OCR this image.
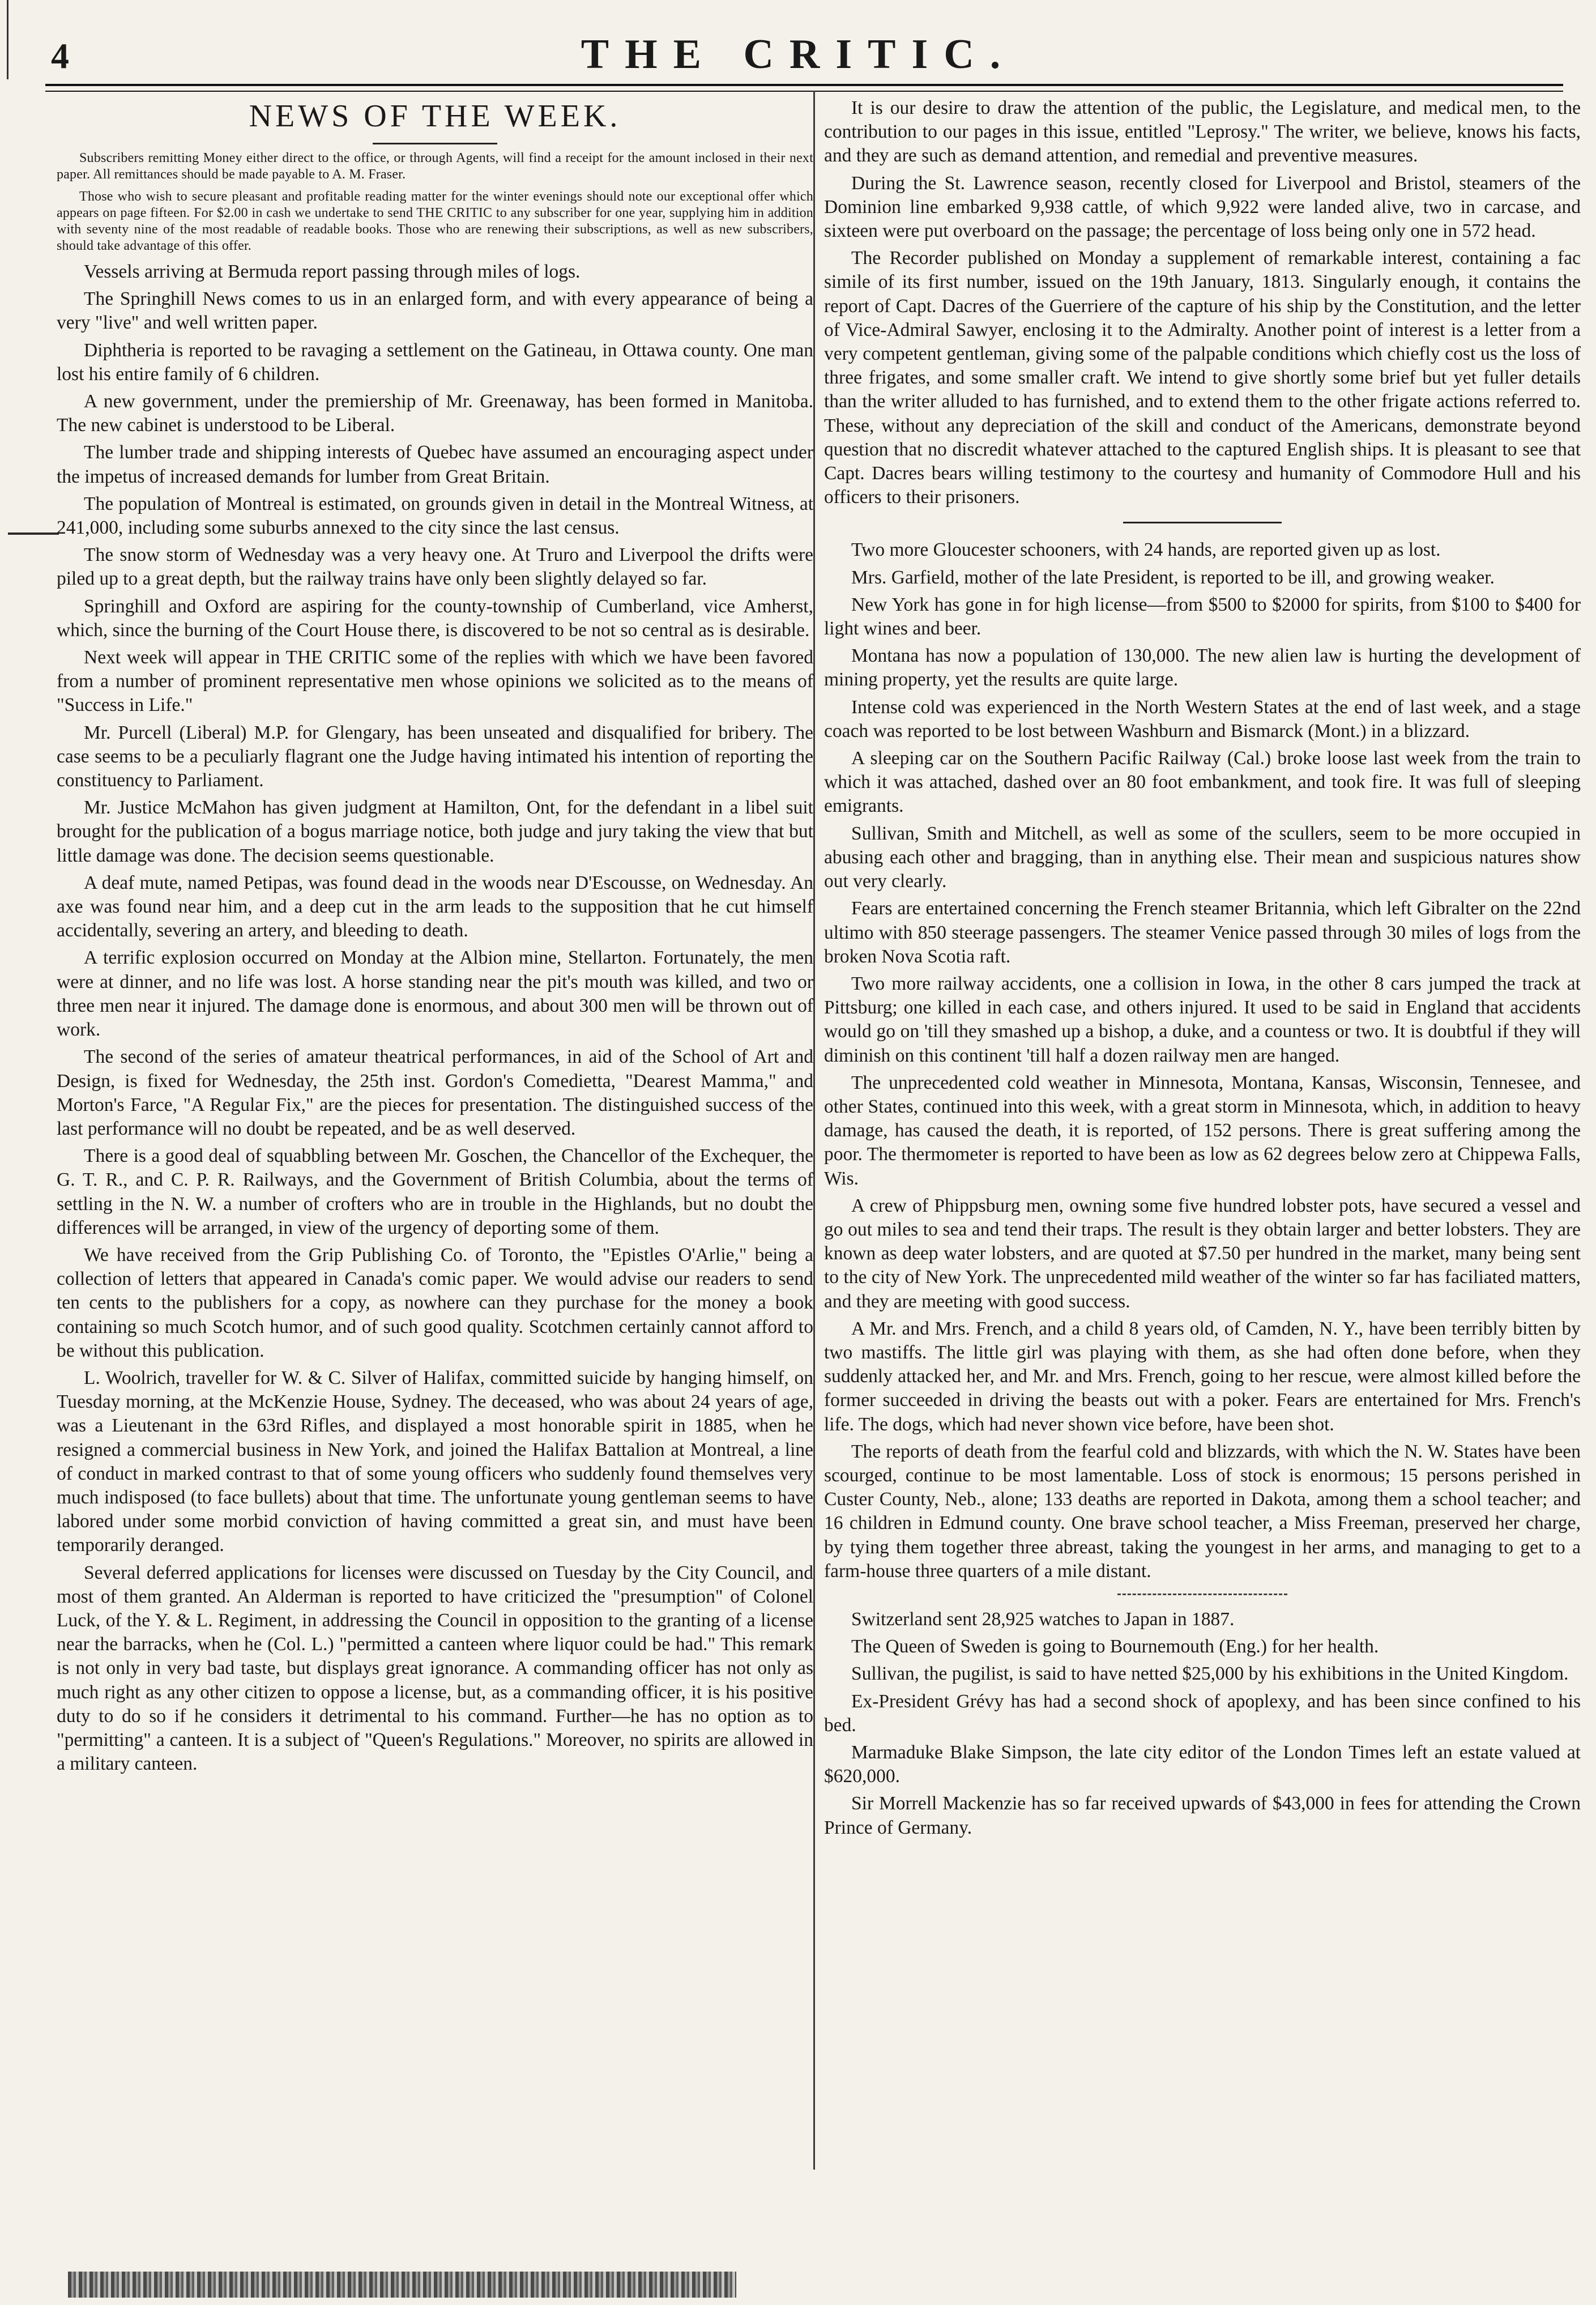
4	THE CRITIC.
NEWS OF THE WEEK.

Subscribers remitting Money either direct to the office, or through Agents, will find a receipt for the amount inclosed in their next paper. All remittances should be made payable to A. M. Fraser.

Those who wish to secure pleasant and profitable reading matter for the winter evenings should note our exceptional offer which appears on page fifteen. For $2.00 in cash we undertake to send THE CRITIC to any subscriber for one year, supplying him in addition with seventy nine of the most readable of readable books. Those who are renewing their subscriptions, as well as new subscribers, should take advantage of this offer.

Vessels arriving at Bermuda report passing through miles of logs.

The Springhill News comes to us in an enlarged form, and with every appearance of being a very "live" and well written paper.

Diphtheria is reported to be ravaging a settlement on the Gatineau, in Ottawa county. One man lost his entire family of 6 children.

A new government, under the premiership of Mr. Greenaway, has been formed in Manitoba. The new cabinet is understood to be Liberal.

The lumber trade and shipping interests of Quebec have assumed an encouraging aspect under the impetus of increased demands for lumber from Great Britain.

The population of Montreal is estimated, on grounds given in detail in the Montreal Witness, at 241,000, including some suburbs annexed to the city since the last census.

The snow storm of Wednesday was a very heavy one. At Truro and Liverpool the drifts were piled up to a great depth, but the railway trains have only been slightly delayed so far.

Springhill and Oxford are aspiring for the county-township of Cumberland, vice Amherst, which, since the burning of the Court House there, is discovered to be not so central as is desirable.

Next week will appear in THE CRITIC some of the replies with which we have been favored from a number of prominent representative men whose opinions we solicited as to the means of "Success in Life."

Mr. Purcell (Liberal) M.P. for Glengary, has been unseated and disqualified for bribery. The case seems to be a peculiarly flagrant one the Judge having intimated his intention of reporting the constituency to Parliament.

Mr. Justice McMahon has given judgment at Hamilton, Ont, for the defendant in a libel suit brought for the publication of a bogus marriage notice, both judge and jury taking the view that but little damage was done. The decision seems questionable.

A deaf mute, named Petipas, was found dead in the woods near D'Escousse, on Wednesday. An axe was found near him, and a deep cut in the arm leads to the supposition that he cut himself accidentally, severing an artery, and bleeding to death.

A terrific explosion occurred on Monday at the Albion mine, Stellarton. Fortunately, the men were at dinner, and no life was lost. A horse standing near the pit's mouth was killed, and two or three men near it injured. The damage done is enormous, and about 300 men will be thrown out of work.

The second of the series of amateur theatrical performances, in aid of the School of Art and Design, is fixed for Wednesday, the 25th inst. Gordon's Comedietta, "Dearest Mamma," and Morton's Farce, "A Regular Fix," are the pieces for presentation. The distinguished success of the last performance will no doubt be repeated, and be as well deserved.

There is a good deal of squabbling between Mr. Goschen, the Chancellor of the Exchequer, the G. T. R., and C. P. R. Railways, and the Government of British Columbia, about the terms of settling in the N. W. a number of crofters who are in trouble in the Highlands, but no doubt the differences will be arranged, in view of the urgency of deporting some of them.

We have received from the Grip Publishing Co. of Toronto, the "Epistles O'Arlie," being a collection of letters that appeared in Canada's comic paper. We would advise our readers to send ten cents to the publishers for a copy, as nowhere can they purchase for the money a book containing so much Scotch humor, and of such good quality. Scotchmen certainly cannot afford to be without this publication.

L. Woolrich, traveller for W. & C. Silver of Halifax, committed suicide by hanging himself, on Tuesday morning, at the McKenzie House, Sydney. The deceased, who was about 24 years of age, was a Lieutenant in the 63rd Rifles, and displayed a most honorable spirit in 1885, when he resigned a commercial business in New York, and joined the Halifax Battalion at Montreal, a line of conduct in marked contrast to that of some young officers who suddenly found themselves very much indisposed (to face bullets) about that time. The unfortunate young gentleman seems to have labored under some morbid conviction of having committed a great sin, and must have been temporarily deranged.

Several deferred applications for licenses were discussed on Tuesday by the City Council, and most of them granted. An Alderman is reported to have criticized the "presumption" of Colonel Luck, of the Y. & L. Regiment, in addressing the Council in opposition to the granting of a license near the barracks, when he (Col. L.) "permitted a canteen where liquor could be had." This remark is not only in very bad taste, but displays great ignorance. A commanding officer has not only as much right as any other citizen to oppose a license, but, as a commanding officer, it is his positive duty to do so if he considers it detrimental to his command. Further—he has no option as to "permitting" a canteen. It is a subject of "Queen's Regulations." Moreover, no spirits are allowed in a military canteen.

It is our desire to draw the attention of the public, the Legislature, and medical men, to the contribution to our pages in this issue, entitled "Leprosy." The writer, we believe, knows his facts, and they are such as demand attention, and remedial and preventive measures.

During the St. Lawrence season, recently closed for Liverpool and Bristol, steamers of the Dominion line embarked 9,938 cattle, of which 9,922 were landed alive, two in carcase, and sixteen were put overboard on the passage; the percentage of loss being only one in 572 head.

The Recorder published on Monday a supplement of remarkable interest, containing a fac simile of its first number, issued on the 19th January, 1813. Singularly enough, it contains the report of Capt. Dacres of the Guerriere of the capture of his ship by the Constitution, and the letter of Vice-Admiral Sawyer, enclosing it to the Admiralty. Another point of interest is a letter from a very competent gentleman, giving some of the palpable conditions which chiefly cost us the loss of three frigates, and some smaller craft. We intend to give shortly some brief but yet fuller details than the writer alluded to has furnished, and to extend them to the other frigate actions referred to. These, without any depreciation of the skill and conduct of the Americans, demonstrate beyond question that no discredit whatever attached to the captured English ships. It is pleasant to see that Capt. Dacres bears willing testimony to the courtesy and humanity of Commodore Hull and his officers to their prisoners.

Two more Gloucester schooners, with 24 hands, are reported given up as lost.

Mrs. Garfield, mother of the late President, is reported to be ill, and growing weaker.

New York has gone in for high license—from $500 to $2000 for spirits, from $100 to $400 for light wines and beer.

Montana has now a population of 130,000. The new alien law is hurting the development of mining property, yet the results are quite large.

Intense cold was experienced in the North Western States at the end of last week, and a stage coach was reported to be lost between Washburn and Bismarck (Mont.) in a blizzard.

A sleeping car on the Southern Pacific Railway (Cal.) broke loose last week from the train to which it was attached, dashed over an 80 foot embankment, and took fire. It was full of sleeping emigrants.

Sullivan, Smith and Mitchell, as well as some of the scullers, seem to be more occupied in abusing each other and bragging, than in anything else. Their mean and suspicious natures show out very clearly.

Fears are entertained concerning the French steamer Britannia, which left Gibralter on the 22nd ultimo with 850 steerage passengers. The steamer Venice passed through 30 miles of logs from the broken Nova Scotia raft.

Two more railway accidents, one a collision in Iowa, in the other 8 cars jumped the track at Pittsburg; one killed in each case, and others injured. It used to be said in England that accidents would go on 'till they smashed up a bishop, a duke, and a countess or two. It is doubtful if they will diminish on this continent 'till half a dozen railway men are hanged.

The unprecedented cold weather in Minnesota, Montana, Kansas, Wisconsin, Tennesee, and other States, continued into this week, with a great storm in Minnesota, which, in addition to heavy damage, has caused the death, it is reported, of 152 persons. There is great suffering among the poor. The thermometer is reported to have been as low as 62 degrees below zero at Chippewa Falls, Wis.

A crew of Phippsburg men, owning some five hundred lobster pots, have secured a vessel and go out miles to sea and tend their traps. The result is they obtain larger and better lobsters. They are known as deep water lobsters, and are quoted at $7.50 per hundred in the market, many being sent to the city of New York. The unprecedented mild weather of the winter so far has faciliated matters, and they are meeting with good success.

A Mr. and Mrs. French, and a child 8 years old, of Camden, N. Y., have been terribly bitten by two mastiffs. The little girl was playing with them, as she had often done before, when they suddenly attacked her, and Mr. and Mrs. French, going to her rescue, were almost killed before the former succeeded in driving the beasts out with a poker. Fears are entertained for Mrs. French's life. The dogs, which had never shown vice before, have been shot.

The reports of death from the fearful cold and blizzards, with which the N. W. States have been scourged, continue to be most lamentable. Loss of stock is enormous; 15 persons perished in Custer County, Neb., alone; 133 deaths are reported in Dakota, among them a school teacher; and 16 children in Edmund county. One brave school teacher, a Miss Freeman, preserved her charge, by tying them together three abreast, taking the youngest in her arms, and managing to get to a farm-house three quarters of a mile distant.

Switzerland sent 28,925 watches to Japan in 1887.

The Queen of Sweden is going to Bournemouth (Eng.) for her health.

Sullivan, the pugilist, is said to have netted $25,000 by his exhibitions in the United Kingdom.

Ex-President Grévy has had a second shock of apoplexy, and has been since confined to his bed.

Marmaduke Blake Simpson, the late city editor of the London Times left an estate valued at $620,000.

Sir Morrell Mackenzie has so far received upwards of $43,000 in fees for attending the Crown Prince of Germany.
